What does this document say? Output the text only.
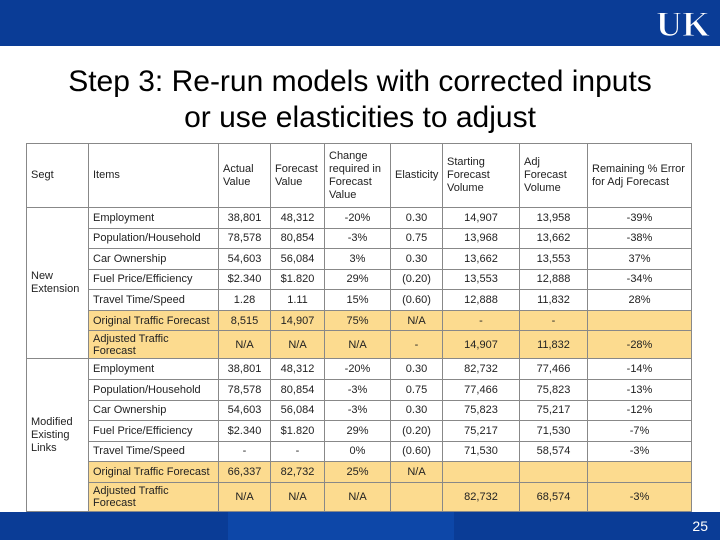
UK
Step 3: Re-run models with corrected inputs
or use elasticities to adjust
Segt	Items	Actual Value	Forecast Value	Change required in Forecast Value	Elasticity	Starting Forecast Volume	Adj Forecast Volume	Remaining % Error for Adj Forecast
New Extension	Employment	38,801	48,312	-20%	0.30	14,907	13,958	-39%
	Population/Household	78,578	80,854	-3%	0.75	13,968	13,662	-38%
	Car Ownership	54,603	56,084	3%	0.30	13,662	13,553	37%
	Fuel Price/Efficiency	$2.340	$1.820	29%	(0.20)	13,553	12,888	-34%
	Travel Time/Speed	1.28	1.11	15%	(0.60)	12,888	11,832	28%
	Original Traffic Forecast	8,515	14,907	75%	N/A	-	-	
	Adjusted Traffic Forecast	N/A	N/A	N/A	-	14,907	11,832	-28%
Modified Existing Links	Employment	38,801	48,312	-20%	0.30	82,732	77,466	-14%
	Population/Household	78,578	80,854	-3%	0.75	77,466	75,823	-13%
	Car Ownership	54,603	56,084	-3%	0.30	75,823	75,217	-12%
	Fuel Price/Efficiency	$2.340	$1.820	29%	(0.20)	75,217	71,530	-7%
	Travel Time/Speed	-	-	0%	(0.60)	71,530	58,574	-3%
	Original Traffic Forecast	66,337	82,732	25%	N/A			
	Adjusted Traffic Forecast	N/A	N/A	N/A		82,732	68,574	-3%
25
